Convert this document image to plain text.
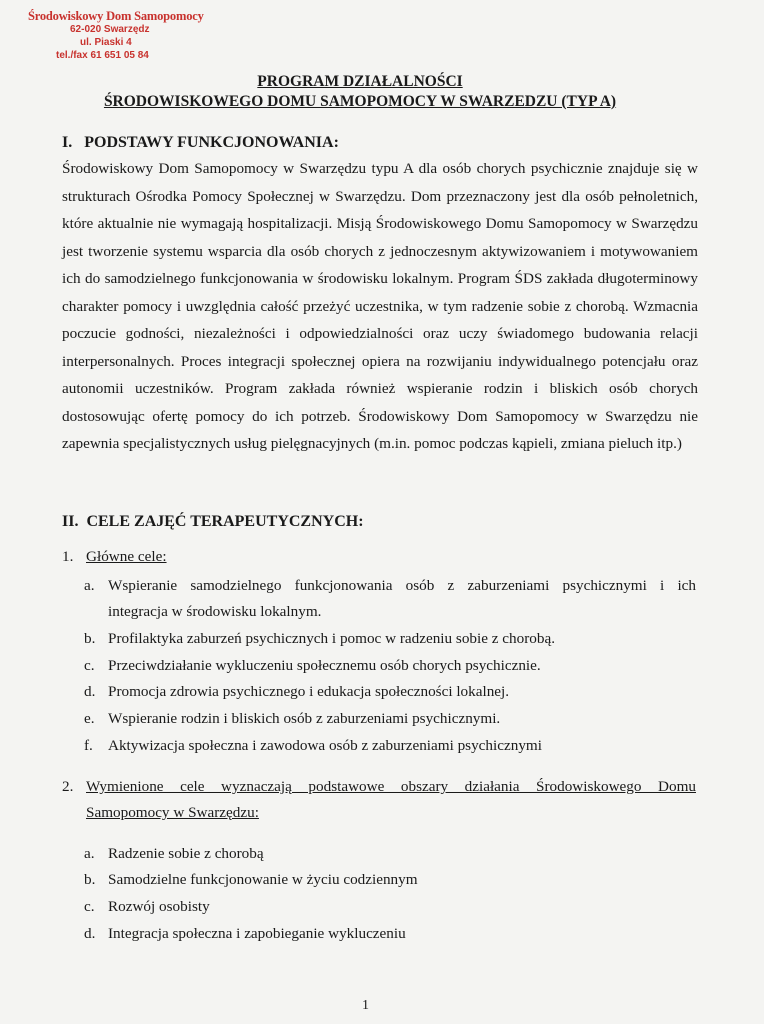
Środowiskowy Dom Samopomocy
62-020 Swarzędz
ul. Piaski 4
tel./fax 61 651 05 84
PROGRAM DZIAŁALNOŚCI
ŚRODOWISKOWEGO DOMU SAMOPOMOCY W SWARZEDZU (TYP A)
I.   PODSTAWY FUNKCJONOWANIA:
Środowiskowy Dom Samopomocy w Swarzędzu typu A dla osób chorych psychicznie znajduje się w strukturach Ośrodka Pomocy Społecznej w Swarzędzu. Dom przeznaczony jest dla osób pełnoletnich, które aktualnie nie wymagają hospitalizacji. Misją Środowiskowego Domu Samopomocy w Swarzędzu jest tworzenie systemu wsparcia dla osób chorych z jednoczesnym aktywizowaniem i motywowaniem ich do samodzielnego funkcjonowania w środowisku lokalnym. Program ŚDS zakłada długoterminowy charakter pomocy i uwzględnia całość przeżyć uczestnika, w tym radzenie sobie z chorobą. Wzmacnia poczucie godności, niezależności i odpowiedzialności oraz uczy świadomego budowania relacji interpersonalnych. Proces integracji społecznej opiera na rozwijaniu indywidualnego potencjału oraz autonomii uczestników. Program zakłada również wspieranie rodzin i bliskich osób chorych dostosowując ofertę pomocy do ich potrzeb. Środowiskowy Dom Samopomocy w Swarzędzu nie zapewnia specjalistycznych usług pielęgnacyjnych (m.in. pomoc podczas kąpieli, zmiana pieluch itp.)
II.  CELE ZAJĘĆ TERAPEUTYCZNYCH:
1. Główne cele:
a. Wspieranie samodzielnego funkcjonowania osób z zaburzeniami psychicznymi i ich
integracja w środowisku lokalnym.
b. Profilaktyka zaburzeń psychicznych i pomoc w radzeniu sobie z chorobą.
c. Przeciwdziałanie wykluczeniu społecznemu osób chorych psychicznie.
d. Promocja zdrowia psychicznego i edukacja społeczności lokalnej.
e. Wspieranie rodzin i bliskich osób z zaburzeniami psychicznymi.
f. Aktywizacja społeczna i zawodowa osób z zaburzeniami psychicznymi
2. Wymienione cele wyznaczają podstawowe obszary działania Środowiskowego Domu
Samopomocy w Swarzędzu:
a. Radzenie sobie z chorobą
b. Samodzielne funkcjonowanie w życiu codziennym
c. Rozwój osobisty
d. Integracja społeczna i zapobieganie wykluczeniu
1
